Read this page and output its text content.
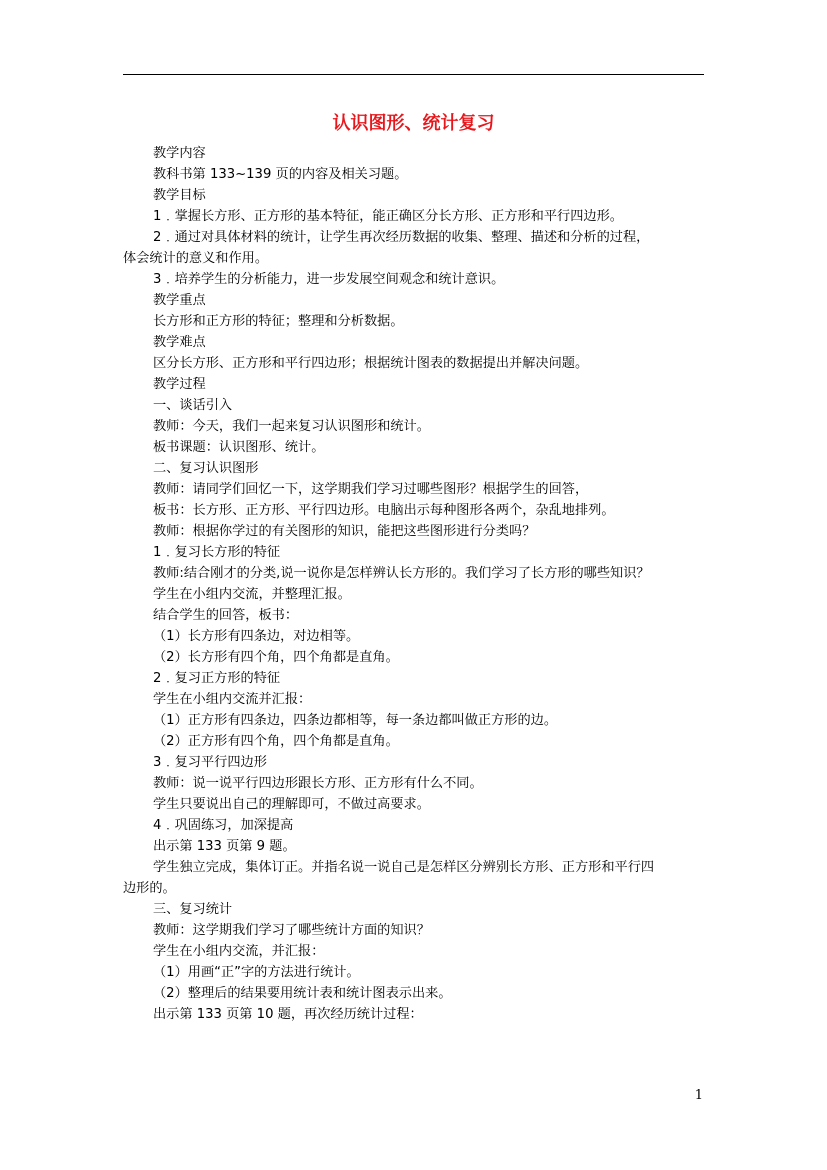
认识图形、统计复习
教学内容
教科书第 133~139 页的内容及相关习题。
教学目标
1﹒掌握长方形、正方形的基本特征，能正确区分长方形、正方形和平行四边形。
2﹒通过对具体材料的统计，让学生再次经历数据的收集、整理、描述和分析的过程，
体会统计的意义和作用。
3﹒培养学生的分析能力，进一步发展空间观念和统计意识。
教学重点
长方形和正方形的特征；整理和分析数据。
教学难点
区分长方形、正方形和平行四边形；根据统计图表的数据提出并解决问题。
教学过程
一、谈话引入
教师：今天，我们一起来复习认识图形和统计。
板书课题：认识图形、统计。
二、复习认识图形
教师：请同学们回忆一下，这学期我们学习过哪些图形？根据学生的回答，
板书：长方形、正方形、平行四边形。电脑出示每种图形各两个，杂乱地排列。
教师：根据你学过的有关图形的知识，能把这些图形进行分类吗？
1﹒复习长方形的特征
教师:结合刚才的分类,说一说你是怎样辨认长方形的。我们学习了长方形的哪些知识？
学生在小组内交流，并整理汇报。
结合学生的回答，板书：
（1）长方形有四条边，对边相等。
（2）长方形有四个角，四个角都是直角。
2﹒复习正方形的特征
学生在小组内交流并汇报：
（1）正方形有四条边，四条边都相等，每一条边都叫做正方形的边。
（2）正方形有四个角，四个角都是直角。
3﹒复习平行四边形
教师：说一说平行四边形跟长方形、正方形有什么不同。
学生只要说出自己的理解即可，不做过高要求。
4﹒巩固练习，加深提高
出示第 133 页第 9 题。
学生独立完成，集体订正。并指名说一说自己是怎样区分辨别长方形、正方形和平行四
边形的。
三、复习统计
教师：这学期我们学习了哪些统计方面的知识？
学生在小组内交流，并汇报：
（1）用画“正”字的方法进行统计。
（2）整理后的结果要用统计表和统计图表示出来。
出示第 133 页第 10 题，再次经历统计过程：
1
